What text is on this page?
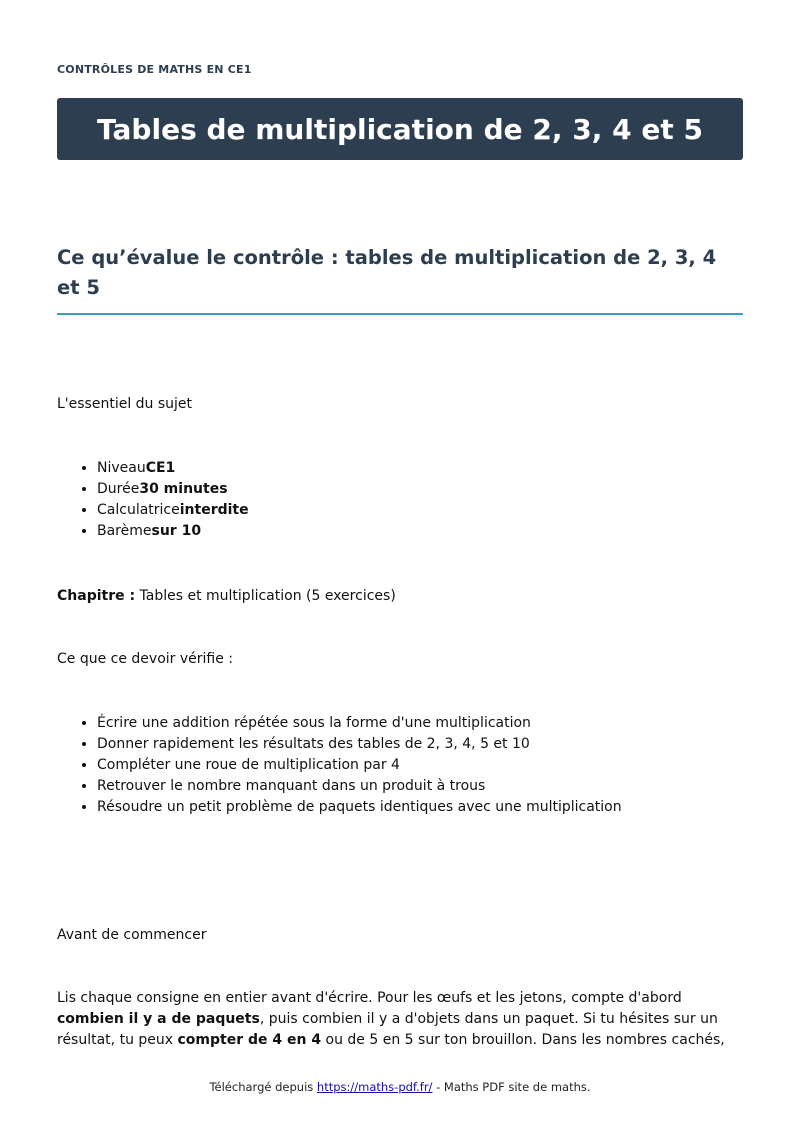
CONTRÔLES DE MATHS EN CE1
Tables de multiplication de 2, 3, 4 et 5
Ce qu’évalue le contrôle : tables de multiplication de 2, 3, 4 et 5

L'essentiel du sujet

• NiveauCE1
• Durée30 minutes
• Calculatriceinterdite
• Barèmesur 10

Chapitre : Tables et multiplication (5 exercices)

Ce que ce devoir vérifie :

• Écrire une addition répétée sous la forme d'une multiplication
• Donner rapidement les résultats des tables de 2, 3, 4, 5 et 10
• Compléter une roue de multiplication par 4
• Retrouver le nombre manquant dans un produit à trous
• Résoudre un petit problème de paquets identiques avec une multiplication

Avant de commencer

Lis chaque consigne en entier avant d'écrire. Pour les œufs et les jetons, compte d'abord combien il y a de paquets, puis combien il y a d'objets dans un paquet. Si tu hésites sur un résultat, tu peux compter de 4 en 4 ou de 5 en 5 sur ton brouillon. Dans les nombres cachés,

Téléchargé depuis https://maths-pdf.fr/ - Maths PDF site de maths.
